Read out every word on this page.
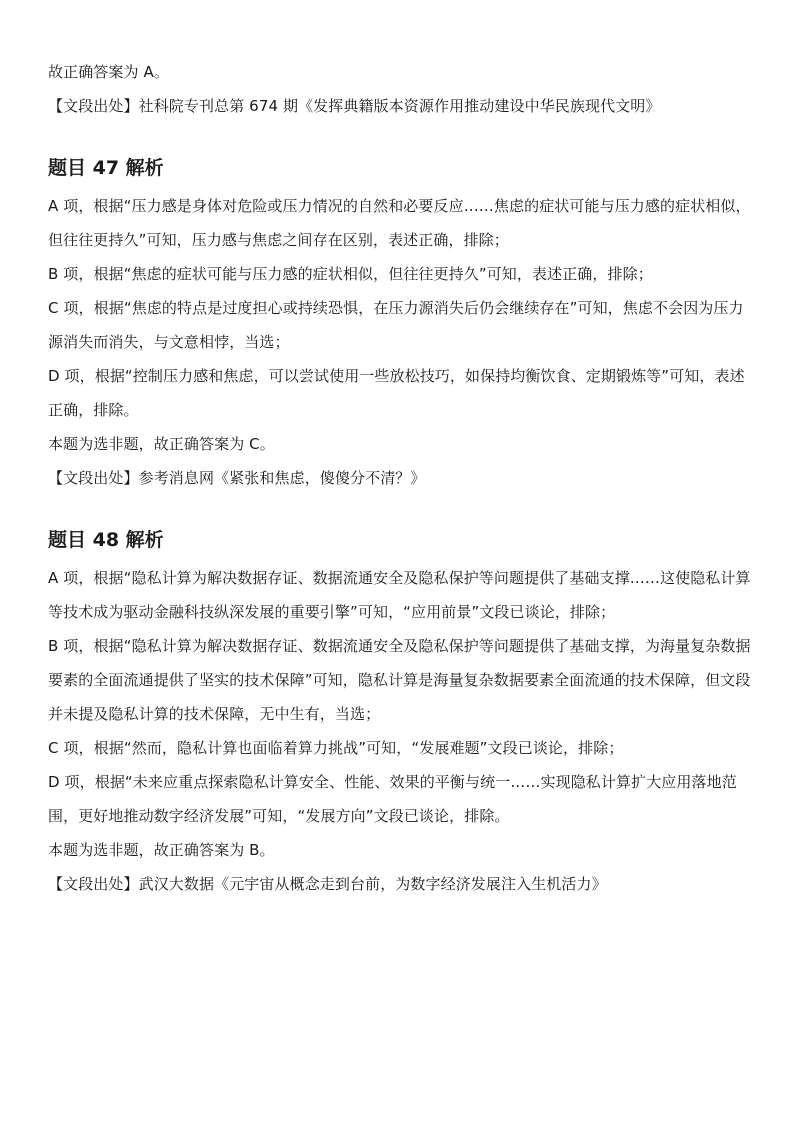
故正确答案为 A。

【文段出处】社科院专刊总第 674 期《发挥典籍版本资源作用推动建设中华民族现代文明》

题目 47 解析

A 项，根据“压力感是身体对危险或压力情况的自然和必要反应……焦虑的症状可能与压力感的症状相似，但往往更持久”可知，压力感与焦虑之间存在区别，表述正确，排除；

B 项，根据“焦虑的症状可能与压力感的症状相似，但往往更持久”可知，表述正确，排除；

C 项，根据“焦虑的特点是过度担心或持续恐惧，在压力源消失后仍会继续存在”可知，焦虑不会因为压力源消失而消失，与文意相悖，当选；

D 项，根据“控制压力感和焦虑，可以尝试使用一些放松技巧，如保持均衡饮食、定期锻炼等”可知，表述正确，排除。

本题为选非题，故正确答案为 C。

【文段出处】参考消息网《紧张和焦虑，傻傻分不清？》

题目 48 解析

A 项，根据“隐私计算为解决数据存证、数据流通安全及隐私保护等问题提供了基础支撑……这使隐私计算等技术成为驱动金融科技纵深发展的重要引擎”可知，“应用前景”文段已谈论，排除；

B 项，根据“隐私计算为解决数据存证、数据流通安全及隐私保护等问题提供了基础支撑，为海量复杂数据要素的全面流通提供了坚实的技术保障”可知，隐私计算是海量复杂数据要素全面流通的技术保障，但文段并未提及隐私计算的技术保障，无中生有，当选；

C 项，根据“然而，隐私计算也面临着算力挑战”可知，“发展难题”文段已谈论，排除；

D 项，根据“未来应重点探索隐私计算安全、性能、效果的平衡与统一……实现隐私计算扩大应用落地范围，更好地推动数字经济发展”可知，“发展方向”文段已谈论，排除。

本题为选非题，故正确答案为 B。

【文段出处】武汉大数据《元宇宙从概念走到台前，为数字经济发展注入生机活力》
